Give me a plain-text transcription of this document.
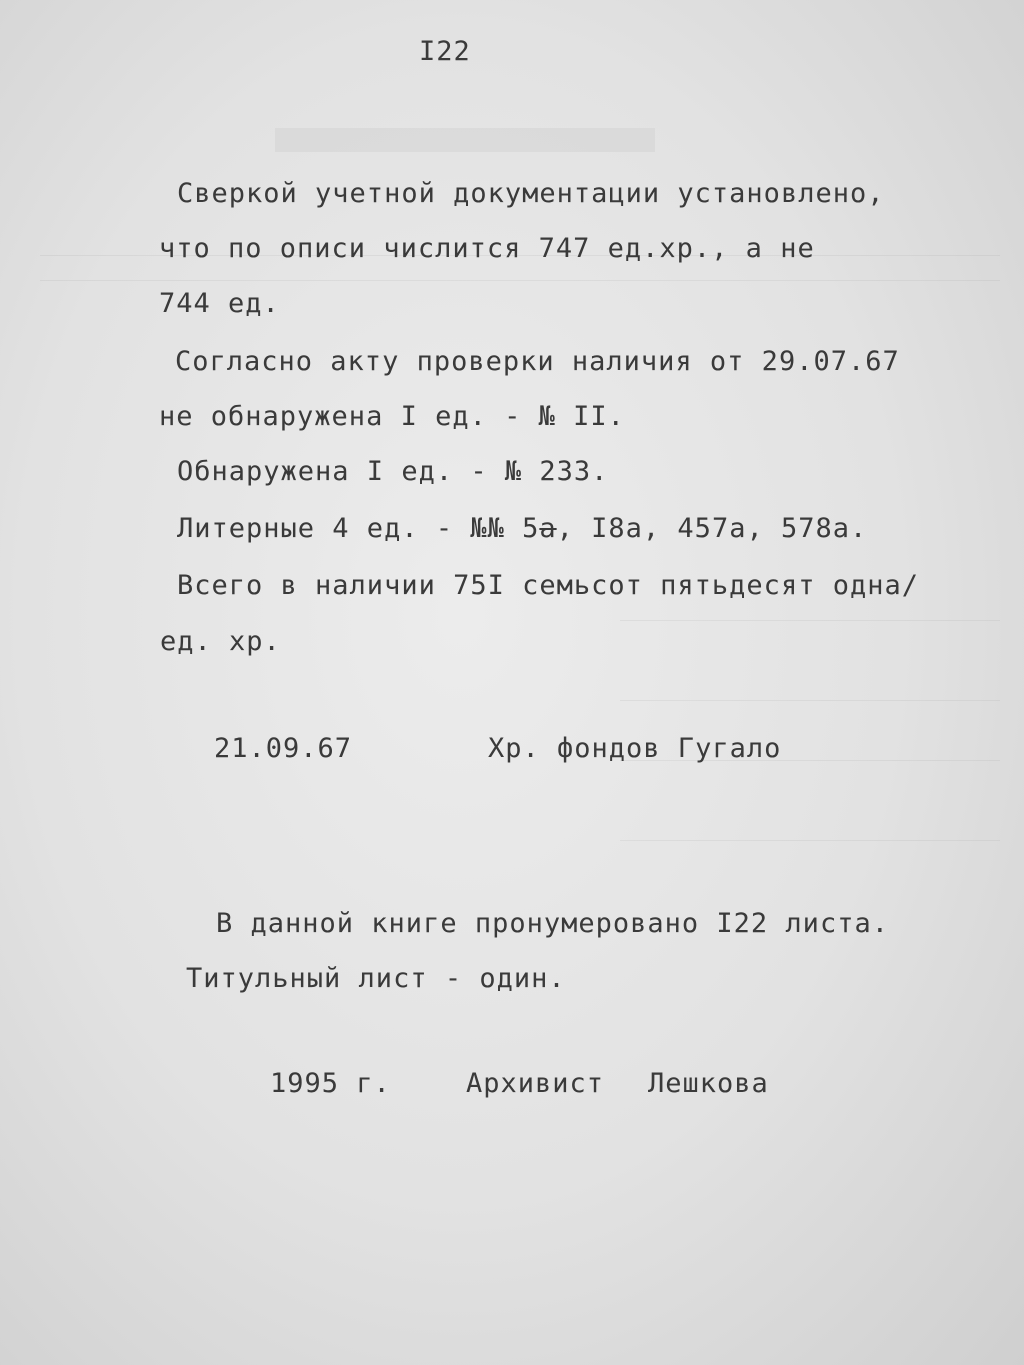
I22
Сверкой учетной документации установлено,
что по описи числится 747 ед.хр., а не
744 ед.
Согласно акту проверки наличия от 29.07.67
не обнаружена I ед. - № II.
Обнаружена I ед. - № 233.
Литерные 4 ед. - №№ 5а, I8а, 457а, 578а.
Всего в наличии 75I семьсот пятьдесят одна/
ед. хр.
21.09.67	Хр. фондов Гугало
В данной книге пронумеровано I22 листа.
Титульный лист - один.
1995 г.	Архивист Лешкова
